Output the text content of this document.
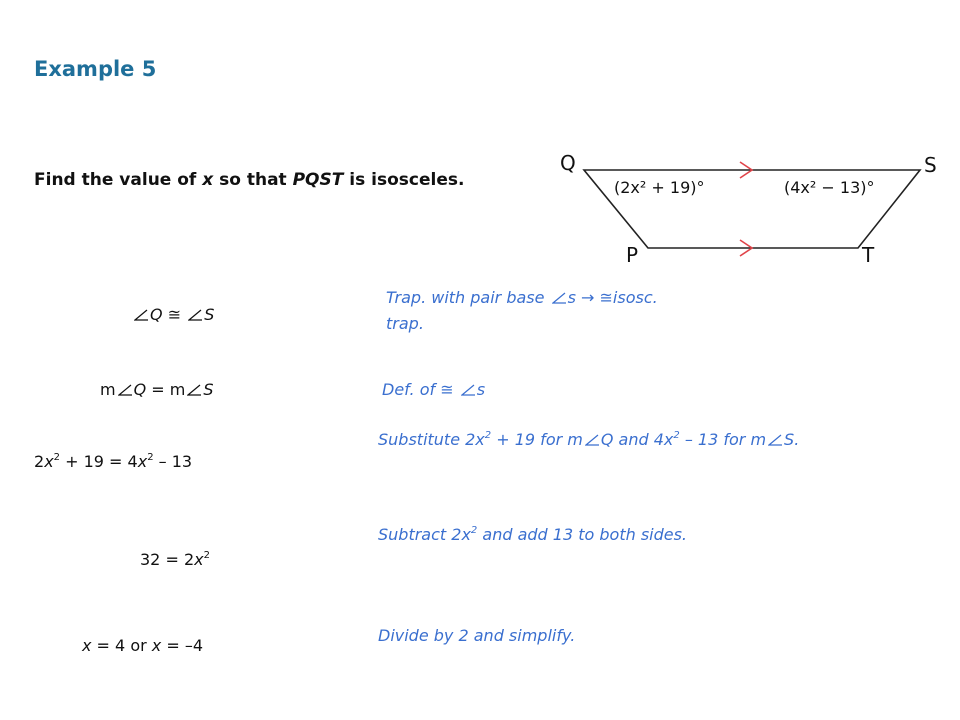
Example 5
Find the value of x so that PQST is isosceles.
Q	S
P	T
(2x² + 19)°	(4x² − 13)°
Q ≅ S
Trap. with pair base s → ≅isosc.
trap.
m Q = m S	Def. of ≅ s
$2x^2 + 19 = 4x^2 - 13$
Substitute $2x^2 + 19$ for m Q and $4x^2 - 13$ for m S.
$32 = 2x^2$
Subtract $2x^2$ and add 13 to both sides.
x = 4 or x = –4
Divide by 2 and simplify.
